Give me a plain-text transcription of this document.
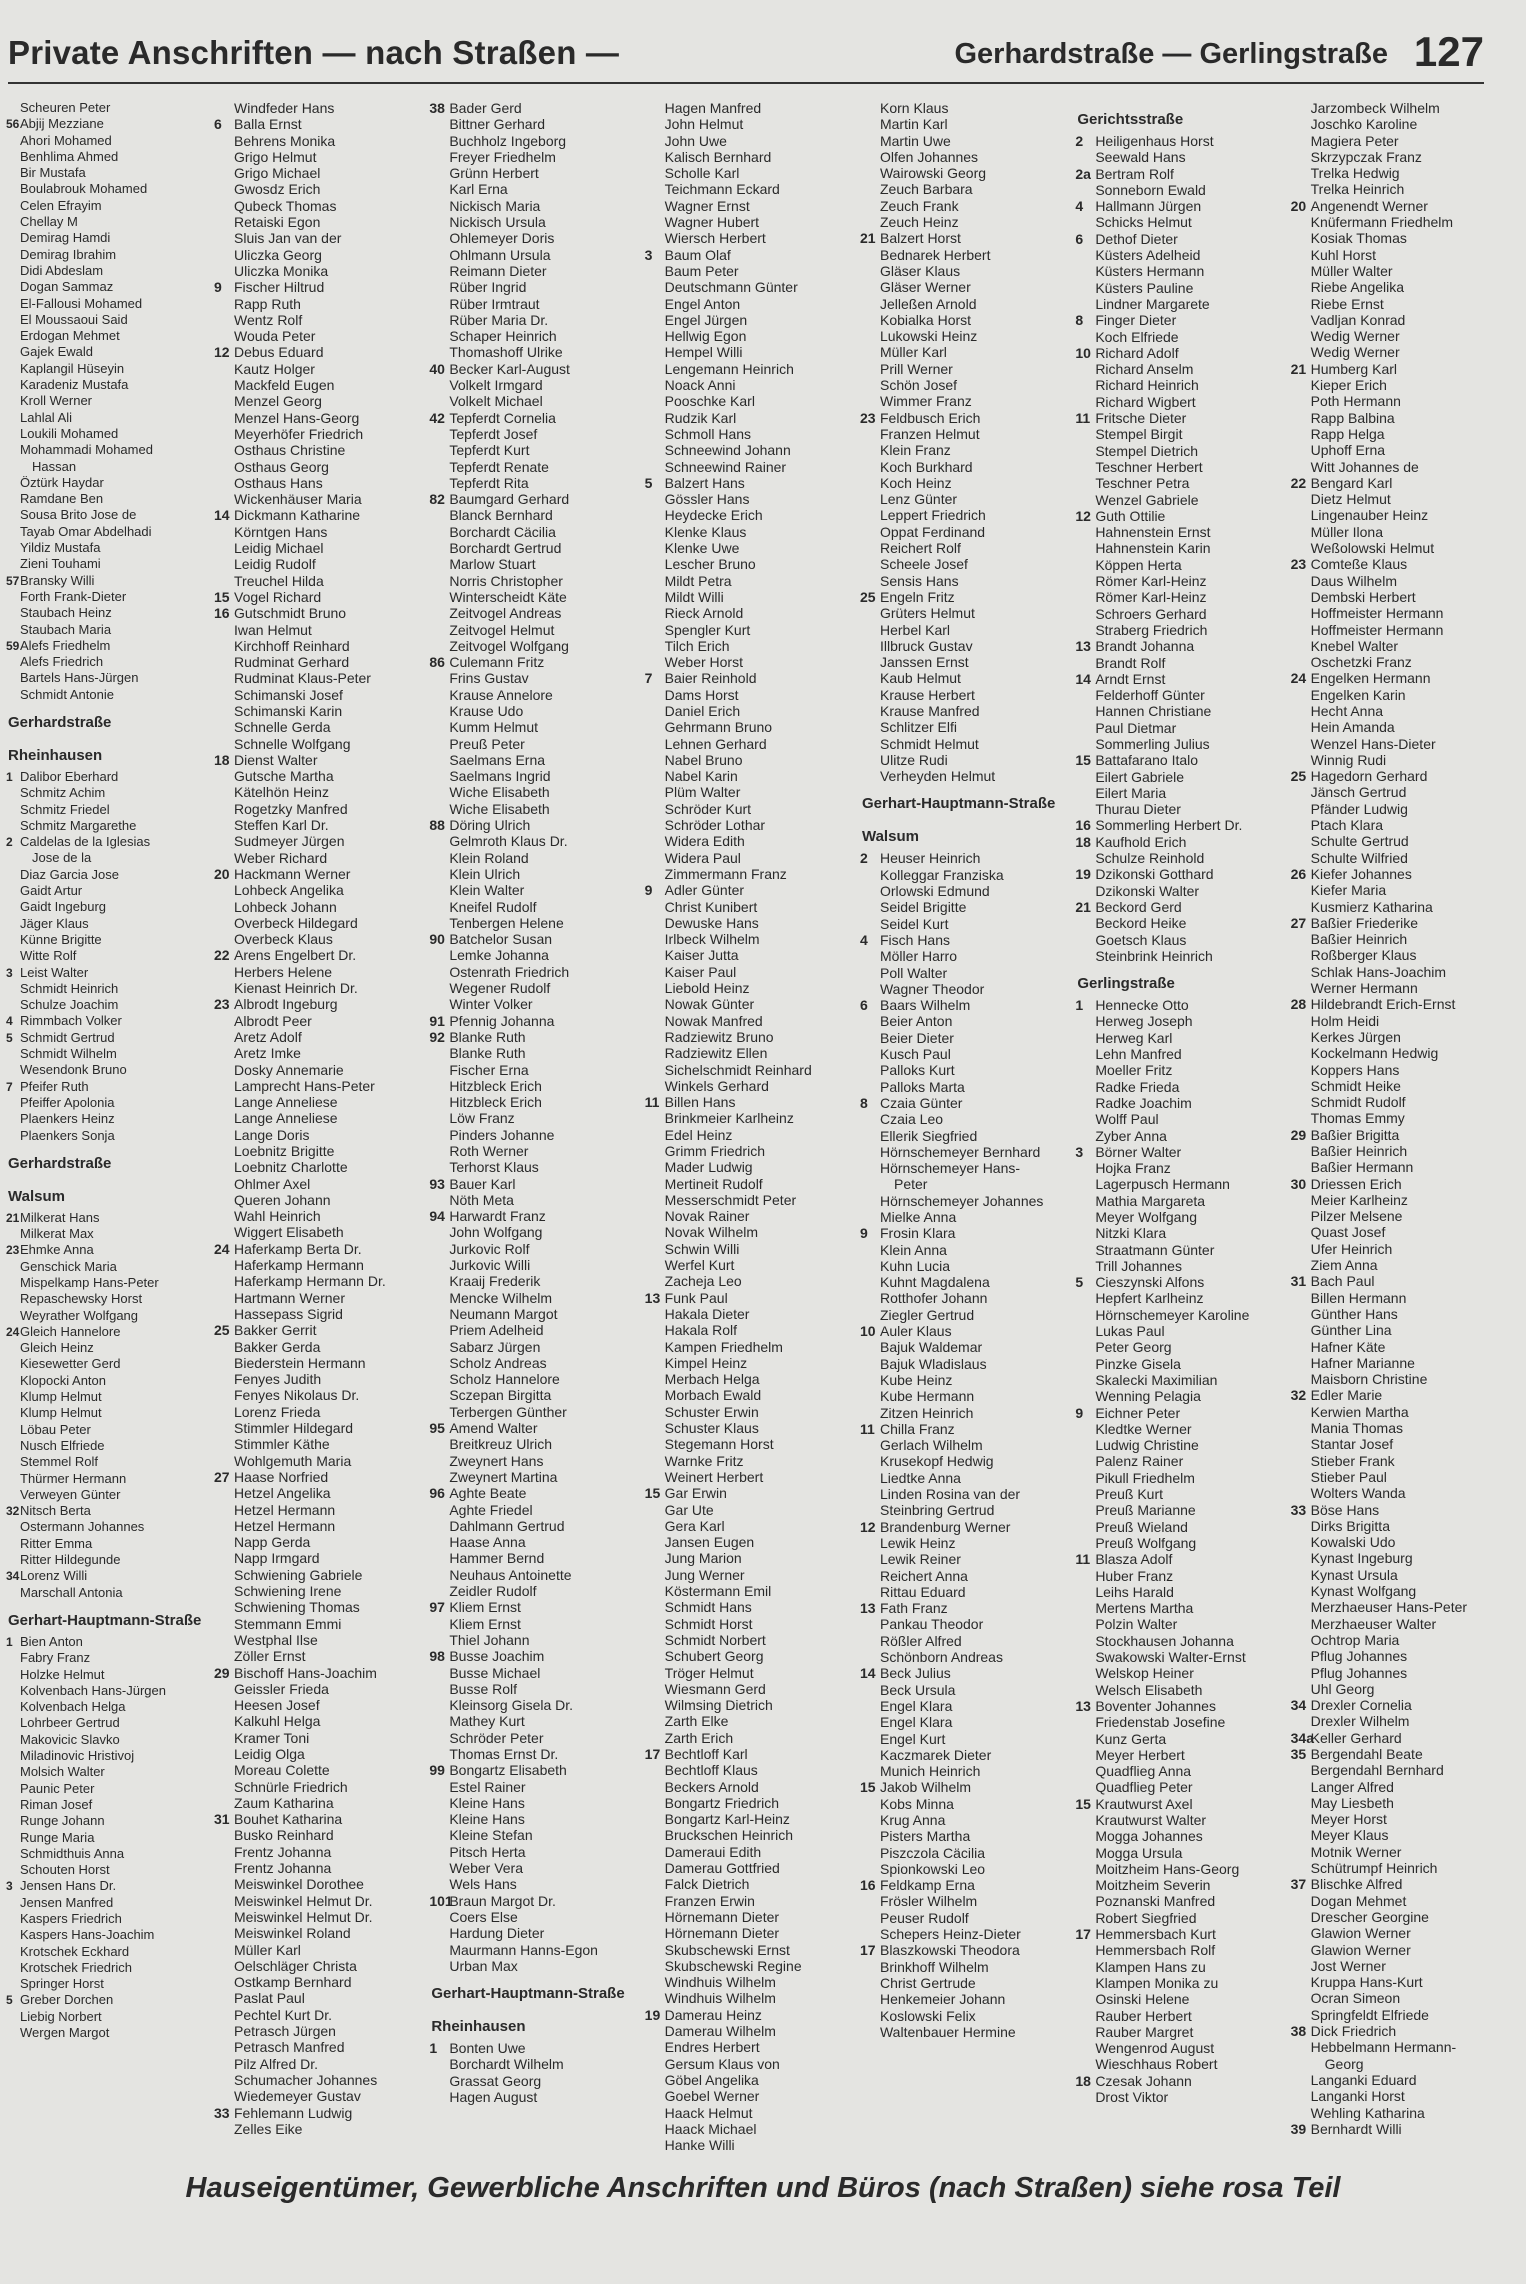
Private Anschriften — nach Straßen —	Gerhardstraße — Gerlingstraße 127
Scheuren Peter
56 Abjij Mezziane
Ahori Mohamed
Benhlima Ahmed
Bir Mustafa
Boulabrouk Mohamed
Celen Efrayim
Chellay M
Demirag Hamdi
Demirag Ibrahim
Didi Abdeslam
Dogan Sammaz
El-Fallousi Mohamed
El Moussaoui Said
Erdogan Mehmet
Gajek Ewald
Kaplangil Hüseyin
Karadeniz Mustafa
Kroll Werner
Lahlal Ali
Loukili Mohamed
Mohammadi Mohamed
Hassan
Öztürk Haydar
Ramdane Ben
Sousa Brito Jose de
Tayab Omar Abdelhadi
Yildiz Mustafa
Zieni Touhami
57 Bransky Willi
Forth Frank-Dieter
Staubach Heinz
Staubach Maria
59 Alefs Friedhelm
Alefs Friedrich
Bartels Hans-Jürgen
Schmidt Antonie
Gerhardstraße
Rheinhausen
1 Dalibor Eberhard
Schmitz Achim
Schmitz Friedel
Schmitz Margarethe
2 Caldelas de la Iglesias
Jose de la
Diaz Garcia Jose
Gaidt Artur
Gaidt Ingeburg
Jäger Klaus
Künne Brigitte
Witte Rolf
3 Leist Walter
Schmidt Heinrich
Schulze Joachim
4 Rimmbach Volker
5 Schmidt Gertrud
Schmidt Wilhelm
Wesendonk Bruno
7 Pfeifer Ruth
Pfeiffer Apolonia
Plaenkers Heinz
Plaenkers Sonja
Gerhardstraße
Walsum
21 Milkerat Hans
Milkerat Max
23 Ehmke Anna
Genschick Maria
Mispelkamp Hans-Peter
Repaschewsky Horst
Weyrather Wolfgang
24 Gleich Hannelore
Gleich Heinz
Kiesewetter Gerd
Klopocki Anton
Klump Helmut
Klump Helmut
Löbau Peter
Nusch Elfriede
Stemmel Rolf
Thürmer Hermann
Verweyen Günter
32 Nitsch Berta
Ostermann Johannes
Ritter Emma
Ritter Hildegunde
34 Lorenz Willi
Marschall Antonia
Gerhart-Hauptmann-Straße
1 Bien Anton
Fabry Franz
Holzke Helmut
Kolvenbach Hans-Jürgen
Kolvenbach Helga
Lohrbeer Gertrud
Makovicic Slavko
Miladinovic Hristivoj
Molsich Walter
Paunic Peter
Riman Josef
Runge Johann
Runge Maria
Schmidthuis Anna
Schouten Horst
3 Jensen Hans Dr.
Jensen Manfred
Kaspers Friedrich
Kaspers Hans-Joachim
Krotschek Eckhard
Krotschek Friedrich
Springer Horst
5 Greber Dorchen
Liebig Norbert
Wergen Margot
Windfeder Hans
6 Balla Ernst
Behrens Monika
Grigo Helmut
Grigo Michael
Gwosdz Erich
Qubeck Thomas
Retaiski Egon
Sluis Jan van der
Uliczka Georg
Uliczka Monika
9 Fischer Hiltrud
Rapp Ruth
Wentz Rolf
Wouda Peter
12 Debus Eduard
Kautz Holger
Mackfeld Eugen
Menzel Georg
Menzel Hans-Georg
Meyerhöfer Friedrich
Osthaus Christine
Osthaus Georg
Osthaus Hans
Wickenhäuser Maria
14 Dickmann Katharine
Körntgen Hans
Leidig Michael
Leidig Rudolf
Treuchel Hilda
15 Vogel Richard
16 Gutschmidt Bruno
Iwan Helmut
Kirchhoff Reinhard
Rudminat Gerhard
Rudminat Klaus-Peter
Schimanski Josef
Schimanski Karin
Schnelle Gerda
Schnelle Wolfgang
18 Dienst Walter
Gutsche Martha
Kätelhön Heinz
Rogetzky Manfred
Steffen Karl Dr.
Sudmeyer Jürgen
Weber Richard
20 Hackmann Werner
Lohbeck Angelika
Lohbeck Johann
Overbeck Hildegard
Overbeck Klaus
22 Arens Engelbert Dr.
Herbers Helene
Kienast Heinrich Dr.
23 Albrodt Ingeburg
Albrodt Peer
Aretz Adolf
Aretz Imke
Dosky Annemarie
Lamprecht Hans-Peter
Lange Anneliese
Lange Anneliese
Lange Doris
Loebnitz Brigitte
Loebnitz Charlotte
Ohlmer Axel
Queren Johann
Wahl Heinrich
Wiggert Elisabeth
24 Haferkamp Berta Dr.
Haferkamp Hermann
Haferkamp Hermann Dr.
Hartmann Werner
Hassepass Sigrid
25 Bakker Gerrit
Bakker Gerda
Biederstein Hermann
Fenyes Judith
Fenyes Nikolaus Dr.
Lorenz Frieda
Stimmler Hildegard
Stimmler Käthe
Wohlgemuth Maria
27 Haase Norfried
Hetzel Angelika
Hetzel Hermann
Hetzel Hermann
Napp Gerda
Napp Irmgard
Schwiening Gabriele
Schwiening Irene
Schwiening Thomas
Stemmann Emmi
Westphal Ilse
Zöller Ernst
29 Bischoff Hans-Joachim
Geissler Frieda
Heesen Josef
Kalkuhl Helga
Kramer Toni
Leidig Olga
Moreau Colette
Schnürle Friedrich
Zaum Katharina
31 Bouhet Katharina
Busko Reinhard
Frentz Johanna
Frentz Johanna
Meiswinkel Dorothee
Meiswinkel Helmut Dr.
Meiswinkel Helmut Dr.
Meiswinkel Roland
Müller Karl
Oelschläger Christa
Ostkamp Bernhard
Paslat Paul
Pechtel Kurt Dr.
Petrasch Jürgen
Petrasch Manfred
Pilz Alfred Dr.
Schumacher Johannes
Wiedemeyer Gustav
33 Fehlemann Ludwig
Zelles Eike
38 Bader Gerd
Bittner Gerhard
Buchholz Ingeborg
Freyer Friedhelm
Grünn Herbert
Karl Erna
Nickisch Maria
Nickisch Ursula
Ohlemeyer Doris
Ohlmann Ursula
Reimann Dieter
Rüber Ingrid
Rüber Irmtraut
Rüber Maria Dr.
Schaper Heinrich
Thomashoff Ulrike
40 Becker Karl-August
Volkelt Irmgard
Volkelt Michael
42 Tepferdt Cornelia
Tepferdt Josef
Tepferdt Kurt
Tepferdt Renate
Tepferdt Rita
82 Baumgard Gerhard
Blanck Bernhard
Borchardt Cäcilia
Borchardt Gertrud
Marlow Stuart
Norris Christopher
Winterscheidt Käte
Zeitvogel Andreas
Zeitvogel Helmut
Zeitvogel Wolfgang
86 Culemann Fritz
Frins Gustav
Krause Annelore
Krause Udo
Kumm Helmut
Preuß Peter
Saelmans Erna
Saelmans Ingrid
Wiche Elisabeth
Wiche Elisabeth
88 Döring Ulrich
Gelmroth Klaus Dr.
Klein Roland
Klein Ulrich
Klein Walter
Kneifel Rudolf
Tenbergen Helene
90 Batchelor Susan
Lemke Johanna
Ostenrath Friedrich
Wegener Rudolf
Winter Volker
91 Pfennig Johanna
92 Blanke Ruth
Blanke Ruth
Fischer Erna
Hitzbleck Erich
Hitzbleck Erich
Löw Franz
Pinders Johanne
Roth Werner
Terhorst Klaus
93 Bauer Karl
Nöth Meta
94 Harwardt Franz
John Wolfgang
Jurkovic Rolf
Jurkovic Willi
Kraaij Frederik
Mencke Wilhelm
Neumann Margot
Priem Adelheid
Sabarz Jürgen
Scholz Andreas
Scholz Hannelore
Sczepan Birgitta
Terbergen Günther
95 Amend Walter
Breitkreuz Ulrich
Zweynert Hans
Zweynert Martina
96 Aghte Beate
Aghte Friedel
Dahlmann Gertrud
Haase Anna
Hammer Bernd
Neuhaus Antoinette
Zeidler Rudolf
97 Kliem Ernst
Kliem Ernst
Thiel Johann
98 Busse Joachim
Busse Michael
Busse Rolf
Kleinsorg Gisela Dr.
Mathey Kurt
Schröder Peter
Thomas Ernst Dr.
99 Bongartz Elisabeth
Estel Rainer
Kleine Hans
Kleine Hans
Kleine Stefan
Pitsch Herta
Weber Vera
Wels Hans
101
Braun Margot Dr.
Coers Else
Hardung Dieter
Maurmann Hanns-Egon
Urban Max
Gerhart-Hauptmann-Straße
Rheinhausen
1 Bonten Uwe
Borchardt Wilhelm
Grassat Georg
Hagen August
Hagen Manfred
John Helmut
John Uwe
Kalisch Bernhard
Scholle Karl
Teichmann Eckard
Wagner Ernst
Wagner Hubert
Wiersch Herbert
3 Baum Olaf
Baum Peter
Deutschmann Günter
Engel Anton
Engel Jürgen
Hellwig Egon
Hempel Willi
Lengemann Heinrich
Noack Anni
Pooschke Karl
Rudzik Karl
Schmoll Hans
Schneewind Johann
Schneewind Rainer
5 Balzert Hans
Gössler Hans
Heydecke Erich
Klenke Klaus
Klenke Uwe
Lescher Bruno
Mildt Petra
Mildt Willi
Rieck Arnold
Spengler Kurt
Tilch Erich
Weber Horst
7 Baier Reinhold
Dams Horst
Daniel Erich
Gehrmann Bruno
Lehnen Gerhard
Nabel Bruno
Nabel Karin
Plüm Walter
Schröder Kurt
Schröder Lothar
Widera Edith
Widera Paul
Zimmermann Franz
9 Adler Günter
Christ Kunibert
Dewuske Hans
Irlbeck Wilhelm
Kaiser Jutta
Kaiser Paul
Liebold Heinz
Nowak Günter
Nowak Manfred
Radziewitz Bruno
Radziewitz Ellen
Sichelschmidt Reinhard
Winkels Gerhard
11 Billen Hans
Brinkmeier Karlheinz
Edel Heinz
Grimm Friedrich
Mader Ludwig
Mertineit Rudolf
Messerschmidt Peter
Novak Rainer
Novak Wilhelm
Schwin Willi
Werfel Kurt
Zacheja Leo
13 Funk Paul
Hakala Dieter
Hakala Rolf
Kampen Friedhelm
Kimpel Heinz
Merbach Helga
Morbach Ewald
Schuster Erwin
Schuster Klaus
Stegemann Horst
Warnke Fritz
Weinert Herbert
15 Gar Erwin
Gar Ute
Gera Karl
Jansen Eugen
Jung Marion
Jung Werner
Köstermann Emil
Schmidt Hans
Schmidt Horst
Schmidt Norbert
Schubert Georg
Tröger Helmut
Wiesmann Gerd
Wilmsing Dietrich
Zarth Elke
Zarth Erich
17 Bechtloff Karl
Bechtloff Klaus
Beckers Arnold
Bongartz Friedrich
Bongartz Karl-Heinz
Bruckschen Heinrich
Dameraui Edith
Damerau Gottfried
Falck Dietrich
Franzen Erwin
Hörnemann Dieter
Hörnemann Dieter
Skubschewski Ernst
Skubschewski Regine
Windhuis Wilhelm
Windhuis Wilhelm
19 Damerau Heinz
Damerau Wilhelm
Endres Herbert
Gersum Klaus von
Göbel Angelika
Goebel Werner
Haack Helmut
Haack Michael
Hanke Willi
Korn Klaus
Martin Karl
Martin Uwe
Olfen Johannes
Wairowski Georg
Zeuch Barbara
Zeuch Frank
Zeuch Heinz
21 Balzert Horst
Bednarek Herbert
Gläser Klaus
Gläser Werner
Jelleßen Arnold
Kobialka Horst
Lukowski Heinz
Müller Karl
Prill Werner
Schön Josef
Wimmer Franz
23 Feldbusch Erich
Franzen Helmut
Klein Franz
Koch Burkhard
Koch Heinz
Lenz Günter
Leppert Friedrich
Oppat Ferdinand
Reichert Rolf
Scheele Josef
Sensis Hans
25 Engeln Fritz
Grüters Helmut
Herbel Karl
Illbruck Gustav
Janssen Ernst
Kaub Helmut
Krause Herbert
Krause Manfred
Schlitzer Elfi
Schmidt Helmut
Ulitze Rudi
Verheyden Helmut
Gerhart-Hauptmann-Straße
Walsum
2 Heuser Heinrich
Kolleggar Franziska
Orlowski Edmund
Seidel Brigitte
Seidel Kurt
4 Fisch Hans
Möller Harro
Poll Walter
Wagner Theodor
6 Baars Wilhelm
Beier Anton
Beier Dieter
Kusch Paul
Palloks Kurt
Palloks Marta
8 Czaia Günter
Czaia Leo
Ellerik Siegfried
Hörnschemeyer Bernhard
Hörnschemeyer Hans-
Peter
Hörnschemeyer Johannes
Mielke Anna
9 Frosin Klara
Klein Anna
Kuhn Lucia
Kuhnt Magdalena
Rotthofer Johann
Ziegler Gertrud
10 Auler Klaus
Bajuk Waldemar
Bajuk Wladislaus
Kube Heinz
Kube Hermann
Zitzen Heinrich
11 Chilla Franz
Gerlach Wilhelm
Krusekopf Hedwig
Liedtke Anna
Linden Rosina van der
Steinbring Gertrud
12 Brandenburg Werner
Lewik Heinz
Lewik Reiner
Reichert Anna
Rittau Eduard
13 Fath Franz
Pankau Theodor
Rößler Alfred
Schönborn Andreas
14 Beck Julius
Beck Ursula
Engel Klara
Engel Klara
Engel Kurt
Kaczmarek Dieter
Munich Heinrich
15 Jakob Wilhelm
Kobs Minna
Krug Anna
Pisters Martha
Piszczola Cäcilia
Spionkowski Leo
16 Feldkamp Erna
Frösler Wilhelm
Peuser Rudolf
Schepers Heinz-Dieter
17 Blaszkowski Theodora
Brinkhoff Wilhelm
Christ Gertrude
Henkemeier Johann
Koslowski Felix
Waltenbauer Hermine
Gerichtsstraße
2 Heiligenhaus Horst
Seewald Hans
2a Bertram Rolf
Sonneborn Ewald
4 Hallmann Jürgen
Schicks Helmut
6 Dethof Dieter
Küsters Adelheid
Küsters Hermann
Küsters Pauline
Lindner Margarete
8 Finger Dieter
Koch Elfriede
10 Richard Adolf
Richard Anselm
Richard Heinrich
Richard Wigbert
11 Fritsche Dieter
Stempel Birgit
Stempel Dietrich
Teschner Herbert
Teschner Petra
Wenzel Gabriele
12 Guth Ottilie
Hahnenstein Ernst
Hahnenstein Karin
Köppen Herta
Römer Karl-Heinz
Römer Karl-Heinz
Schroers Gerhard
Straberg Friedrich
13 Brandt Johanna
Brandt Rolf
14 Arndt Ernst
Felderhoff Günter
Hannen Christiane
Paul Dietmar
Sommerling Julius
15 Battafarano Italo
Eilert Gabriele
Eilert Maria
Thurau Dieter
16 Sommerling Herbert Dr.
18 Kaufhold Erich
Schulze Reinhold
19 Dzikonski Gotthard
Dzikonski Walter
21 Beckord Gerd
Beckord Heike
Goetsch Klaus
Steinbrink Heinrich
Gerlingstraße
1 Hennecke Otto
Herweg Joseph
Herweg Karl
Lehn Manfred
Moeller Fritz
Radke Frieda
Radke Joachim
Wolff Paul
Zyber Anna
3 Börner Walter
Hojka Franz
Lagerpusch Hermann
Mathia Margareta
Meyer Wolfgang
Nitzki Klara
Straatmann Günter
Trill Johannes
5 Cieszynski Alfons
Hepfert Karlheinz
Hörnschemeyer Karoline
Lukas Paul
Peter Georg
Pinzke Gisela
Skalecki Maximilian
Wenning Pelagia
9 Eichner Peter
Kledtke Werner
Ludwig Christine
Palenz Rainer
Pikull Friedhelm
Preuß Kurt
Preuß Marianne
Preuß Wieland
Preuß Wolfgang
11 Blasza Adolf
Huber Franz
Leihs Harald
Mertens Martha
Polzin Walter
Stockhausen Johanna
Swakowski Walter-Ernst
Welskop Heiner
Welsch Elisabeth
13 Boventer Johannes
Friedenstab Josefine
Kunz Gerta
Meyer Herbert
Quadflieg Anna
Quadflieg Peter
15 Krautwurst Axel
Krautwurst Walter
Mogga Johannes
Mogga Ursula
Moitzheim Hans-Georg
Moitzheim Severin
Poznanski Manfred
Robert Siegfried
17 Hemmersbach Kurt
Hemmersbach Rolf
Klampen Hans zu
Klampen Monika zu
Osinski Helene
Rauber Herbert
Rauber Margret
Wengenrod August
Wieschhaus Robert
18 Czesak Johann
Drost Viktor
Jarzombeck Wilhelm
Joschko Karoline
Magiera Peter
Skrzypczak Franz
Trelka Hedwig
Trelka Heinrich
20 Angenendt Werner
Knüfermann Friedhelm
Kosiak Thomas
Kuhl Horst
Müller Walter
Riebe Angelika
Riebe Ernst
Vadljan Konrad
Wedig Werner
Wedig Werner
21 Humberg Karl
Kieper Erich
Poth Hermann
Rapp Balbina
Rapp Helga
Uphoff Erna
Witt Johannes de
22 Bengard Karl
Dietz Helmut
Lingenauber Heinz
Müller Ilona
Weßolowski Helmut
23 Comteße Klaus
Daus Wilhelm
Dembski Herbert
Hoffmeister Hermann
Hoffmeister Hermann
Knebel Walter
Oschetzki Franz
24 Engelken Hermann
Engelken Karin
Hecht Anna
Hein Amanda
Wenzel Hans-Dieter
Winnig Rudi
25 Hagedorn Gerhard
Jänsch Gertrud
Pfänder Ludwig
Ptach Klara
Schulte Gertrud
Schulte Wilfried
26 Kiefer Johannes
Kiefer Maria
Kusmierz Katharina
27 Baßier Friederike
Baßier Heinrich
Roßberger Klaus
Schlak Hans-Joachim
Werner Hermann
28 Hildebrandt Erich-Ernst
Holm Heidi
Kerkes Jürgen
Kockelmann Hedwig
Koppers Hans
Schmidt Heike
Schmidt Rudolf
Thomas Emmy
29 Baßier Brigitta
Baßier Heinrich
Baßier Hermann
30 Driessen Erich
Meier Karlheinz
Pilzer Melsene
Quast Josef
Ufer Heinrich
Ziem Anna
31 Bach Paul
Billen Hermann
Günther Hans
Günther Lina
Hafner Käte
Hafner Marianne
Maisborn Christine
32 Edler Marie
Kerwien Martha
Mania Thomas
Stantar Josef
Stieber Frank
Stieber Paul
Wolters Wanda
33 Böse Hans
Dirks Brigitta
Kowalski Udo
Kynast Ingeburg
Kynast Ursula
Kynast Wolfgang
Merzhaeuser Hans-Peter
Merzhaeuser Walter
Ochtrop Maria
Pflug Johannes
Pflug Johannes
Uhl Georg
34 Drexler Cornelia
Drexler Wilhelm
34a
Keller Gerhard
35 Bergendahl Beate
Bergendahl Bernhard
Langer Alfred
May Liesbeth
Meyer Horst
Meyer Klaus
Motnik Werner
Schütrumpf Heinrich
37 Blischke Alfred
Dogan Mehmet
Drescher Georgine
Glawion Werner
Glawion Werner
Jost Werner
Kruppa Hans-Kurt
Ocran Simeon
Springfeldt Elfriede
38 Dick Friedrich
Hebbelmann Hermann-
Georg
Langanki Eduard
Langanki Horst
Wehling Katharina
39 Bernhardt Willi
Hauseigentümer, Gewerbliche Anschriften und Büros (nach Straßen) siehe rosa Teil
